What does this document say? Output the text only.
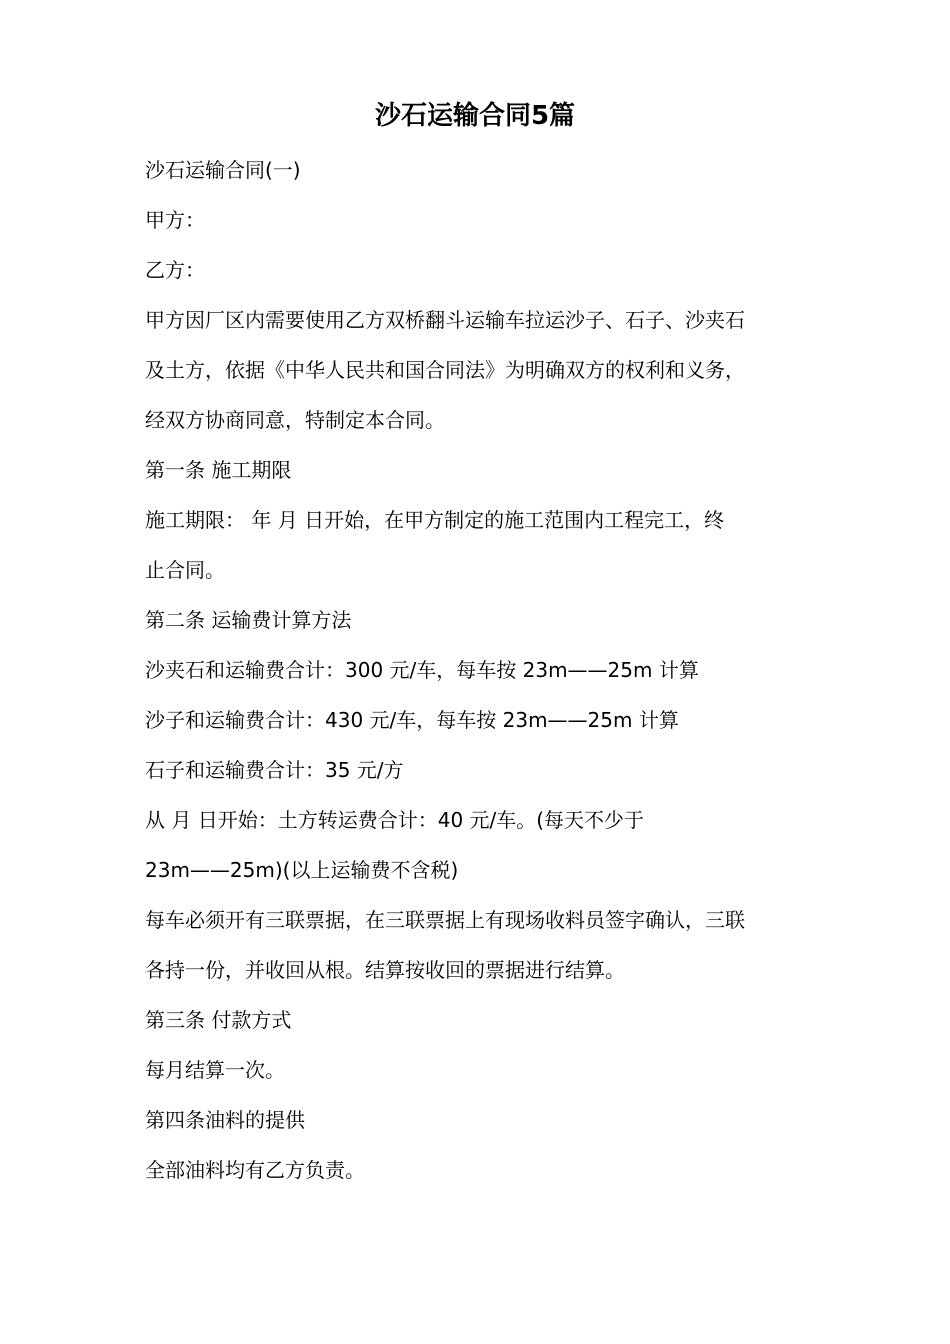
沙石运输合同5篇
沙石运输合同(一)
甲方：
乙方：
甲方因厂区内需要使用乙方双桥翻斗运输车拉运沙子、石子、沙夹石
及土方，依据《中华人民共和国合同法》为明确双方的权利和义务，
经双方协商同意，特制定本合同。
第一条 施工期限
施工期限： 年 月 日开始，在甲方制定的施工范围内工程完工，终
止合同。
第二条 运输费计算方法
沙夹石和运输费合计：300 元/车，每车按 23m——25m 计算
沙子和运输费合计：430 元/车，每车按 23m——25m 计算
石子和运输费合计：35 元/方
从 月 日开始：土方转运费合计：40 元/车。(每天不少于
23m——25m)(以上运输费不含税)
每车必须开有三联票据，在三联票据上有现场收料员签字确认，三联
各持一份，并收回从根。结算按收回的票据进行结算。
第三条 付款方式
每月结算一次。
第四条油料的提供
全部油料均有乙方负责。
